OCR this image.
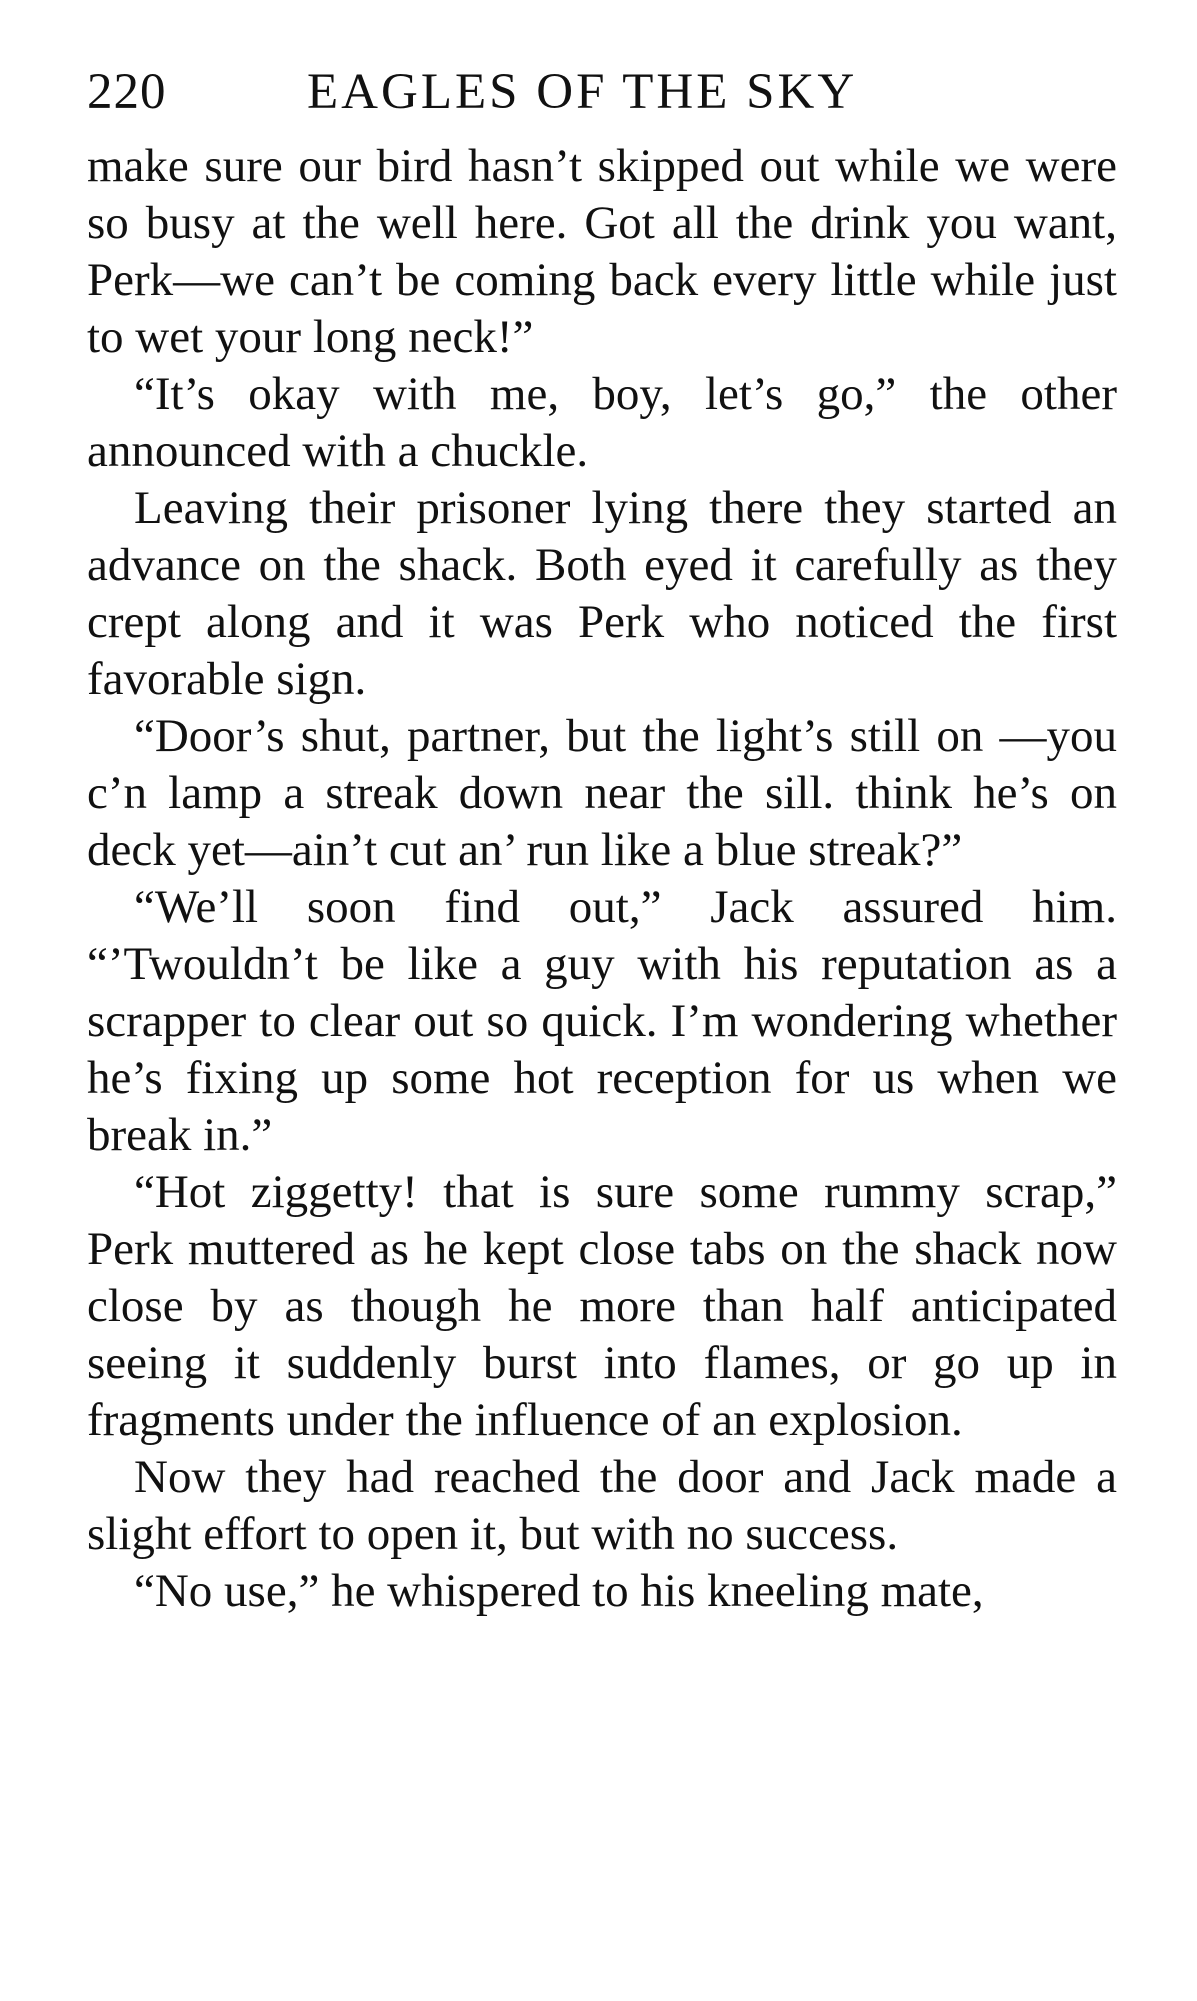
220	EAGLES OF THE SKY

make sure our bird hasn’t skipped out while we were so busy at the well here. Got all the drink you want, Perk—we can’t be coming back every little while just to wet your long neck!”

“It’s okay with me, boy, let’s go,” the other announced with a chuckle.

Leaving their prisoner lying there they started an advance on the shack. Both eyed it carefully as they crept along and it was Perk who noticed the first favorable sign.

“Door’s shut, partner, but the light’s still on —you c’n lamp a streak down near the sill. think he’s on deck yet—ain’t cut an’ run like a blue streak?”

“We’ll soon find out,” Jack assured him. “’Twouldn’t be like a guy with his reputation as a scrapper to clear out so quick. I’m wondering whether he’s fixing up some hot reception for us when we break in.”

“Hot ziggetty! that is sure some rummy scrap,” Perk muttered as he kept close tabs on the shack now close by as though he more than half anticipated seeing it suddenly burst into flames, or go up in fragments under the influence of an explosion.

Now they had reached the door and Jack made a slight effort to open it, but with no success.

“No use,” he whispered to his kneeling mate,
